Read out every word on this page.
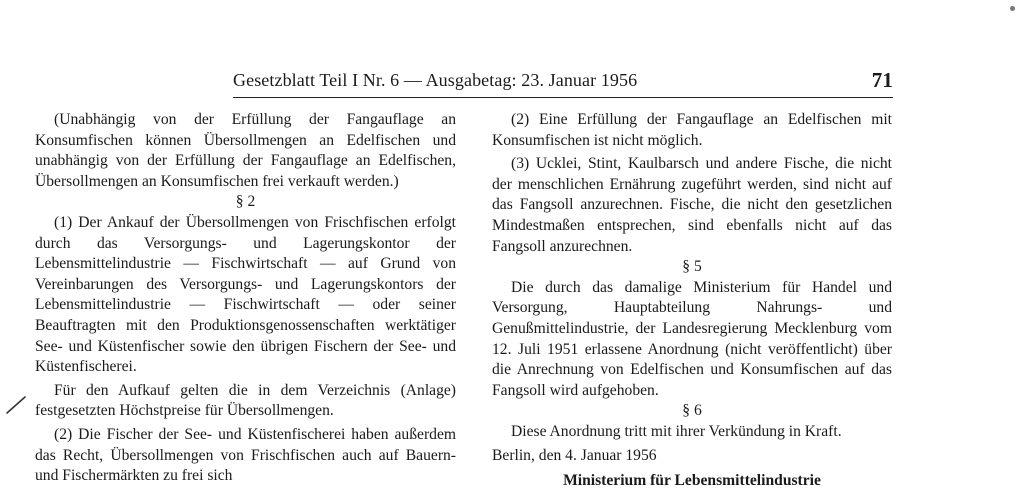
Gesetzblatt Teil I Nr. 6 — Ausgabetag: 23. Januar 1956	71

(Unabhängig von der Erfüllung der Fangauflage an Konsumfischen können Übersollmengen an Edelfischen und unabhängig von der Erfüllung der Fangauflage an Edelfischen, Übersollmengen an Konsumfischen frei verkauft werden.)

§ 2

(1) Der Ankauf der Übersollmengen von Frischfischen erfolgt durch das Versorgungs- und Lagerungskontor der Lebensmittelindustrie — Fischwirtschaft — auf Grund von Vereinbarungen des Versorgungs- und Lagerungskontors der Lebensmittelindustrie — Fischwirtschaft — oder seiner Beauftragten mit den Produktionsgenossenschaften werktätiger See- und Küstenfischer sowie den übrigen Fischern der See- und Küstenfischerei.

Für den Aufkauf gelten die in dem Verzeichnis (Anlage) festgesetzten Höchstpreise für Übersollmengen.

(2) Die Fischer der See- und Küstenfischerei haben außerdem das Recht, Übersollmengen von Frischfischen auch auf Bauern- und Fischermärkten zu frei sich

(2) Eine Erfüllung der Fangauflage an Edelfischen mit Konsumfischen ist nicht möglich.

(3) Ucklei, Stint, Kaulbarsch und andere Fische, die nicht der menschlichen Ernährung zugeführt werden, sind nicht auf das Fangsoll anzurechnen. Fische, die nicht den gesetzlichen Mindestmaßen entsprechen, sind ebenfalls nicht auf das Fangsoll anzurechnen.

§ 5

Die durch das damalige Ministerium für Handel und Versorgung, Hauptabteilung Nahrungs- und Genußmittelindustrie, der Landesregierung Mecklenburg vom 12. Juli 1951 erlassene Anordnung (nicht veröffentlicht) über die Anrechnung von Edelfischen und Konsumfischen auf das Fangsoll wird aufgehoben.

§ 6

Diese Anordnung tritt mit ihrer Verkündung in Kraft.

Berlin, den 4. Januar 1956

Ministerium für Lebensmittelindustrie
